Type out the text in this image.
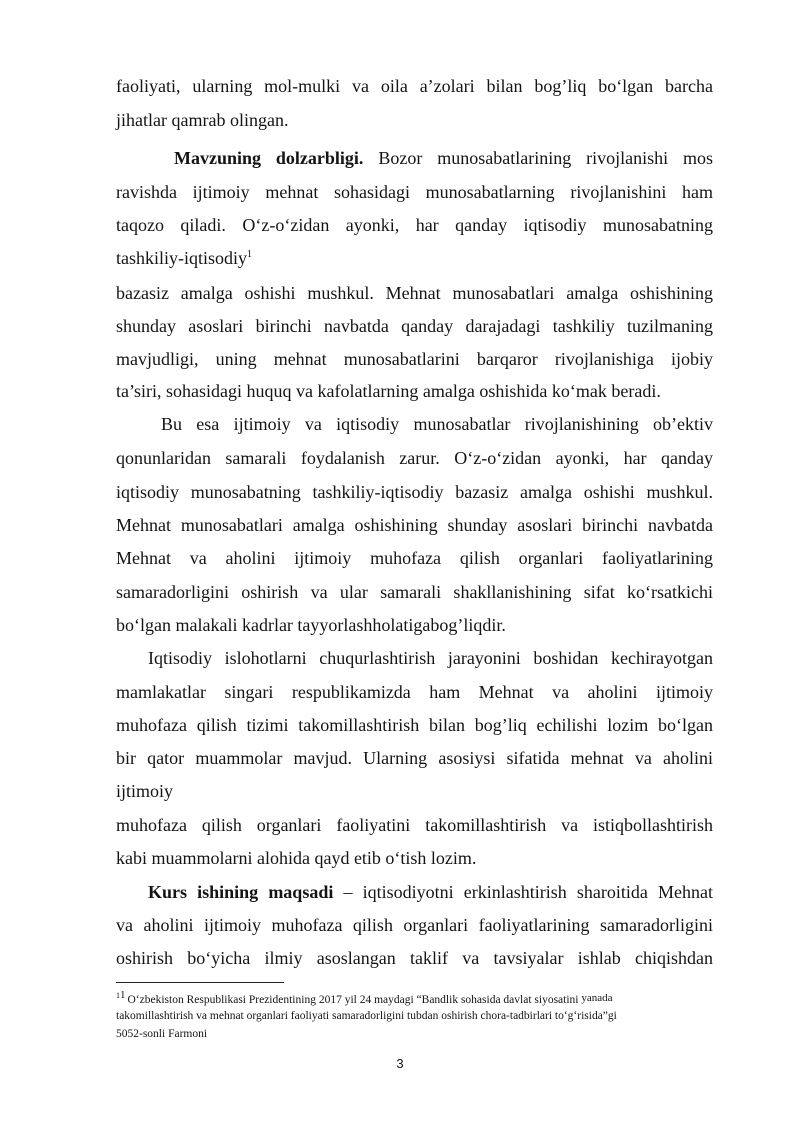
faoliyati, ularning mol-mulki va oila a’zolari bilan bog’liq bo‘lgan barcha
jihatlar qamrab olingan.
Mavzuning dolzarbligi. Bozor munosabatlarining rivojlanishi mos
ravishda ijtimoiy mehnat sohasidagi munosabatlarning rivojlanishini ham
taqozo qiladi. O‘z-o‘zidan ayonki, har qanday iqtisodiy munosabatning
tashkiliy-iqtisodiy$^1$
bazasiz amalga oshishi mushkul. Mehnat munosabatlari amalga oshishining
shunday asoslari birinchi navbatda qanday darajadagi tashkiliy tuzilmaning
mavjudligi, uning mehnat munosabatlarini barqaror rivojlanishiga ijobiy
ta’siri, sohasidagi huquq va kafolatlarning amalga oshishida ko‘mak beradi.
Bu esa ijtimoiy va iqtisodiy munosabatlar rivojlanishining ob’ektiv
qonunlaridan samarali foydalanish zarur. O‘z-o‘zidan ayonki, har qanday
iqtisodiy munosabatning tashkiliy-iqtisodiy bazasiz amalga oshishi mushkul.
Mehnat munosabatlari amalga oshishining shunday asoslari birinchi navbatda
Mehnat va aholini ijtimoiy muhofaza qilish organlari faoliyatlarining
samaradorligini oshirish va ular samarali shakllanishining sifat ko‘rsatkichi
bo‘lgan malakali kadrlar tayyorlashholatigabog’liqdir.
Iqtisodiy islohotlarni chuqurlashtirish jarayonini boshidan kechirayotgan
mamlakatlar singari respublikamizda ham Mehnat va aholini ijtimoiy
muhofaza qilish tizimi takomillashtirish bilan bog’liq echilishi lozim bo‘lgan
bir qator muammolar mavjud. Ularning asosiysi sifatida mehnat va aholini
ijtimoiy
muhofaza qilish organlari faoliyatini takomillashtirish va istiqbollashtirish
kabi muammolarni alohida qayd etib o‘tish lozim.
Kurs ishining maqsadi – iqtisodiyotni erkinlashtirish sharoitida Mehnat
va aholini ijtimoiy muhofaza qilish organlari faoliyatlarining samaradorligini
oshirish bo‘yicha ilmiy asoslangan taklif va tavsiyalar ishlab chiqishdan
$^1$1 O‘zbekiston Respublikasi Prezidentining 2017 yil 24 maydagi “Bandlik sohasida davlat siyosatini yanada
takomillashtirish va mehnat organlari faoliyati samaradorligini tubdan oshirish chora-tadbirlari to‘g‘risida”gi
5052-sonli Farmoni
3
